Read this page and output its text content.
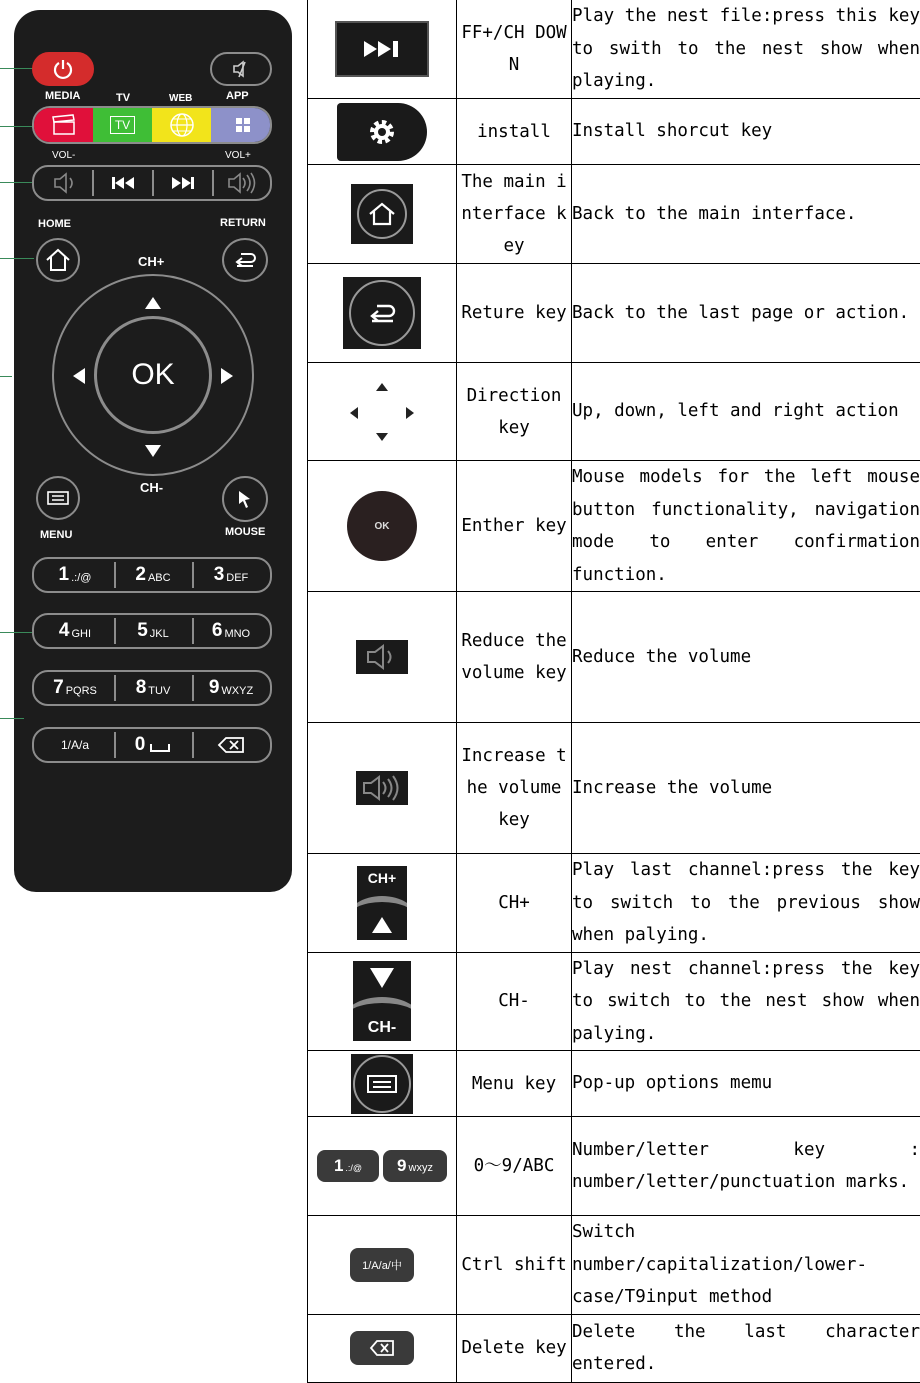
MEDIA	TV	WEB	APP
TV
VOL-	VOL+
HOME	RETURN
CH+
OK
CH-
MENU	MOUSE
1 .:/@ 2 ABC 3 DEF
4 GHI 5 JKL 6 MNO
7 PQRS 8 TUV 9 WXYZ
1/A/a	0
	FF+/CH DOWN	Play the nest file:press this key to swith to the nest show when playing.

	install	Install shorcut key

	The main interface key	Back to the main interface.

	Reture key	Back to the last page or action.

	Direction key	Up, down, left and right action

OK	Enther key	Mouse models for the left mouse button functionality, navigation mode to enter confirmation function.

	Reduce the volume key	Reduce the volume

	Increase the volume key	Increase the volume

CH+	CH+	Play last channel:press the key to switch to the previous show when palying.

CH-	CH-	Play nest channel:press the key to switch to the nest show when palying.

	Menu key	Pop-up options memu

1 .:/@ 9 wxyz	0～9/ABC	Number/letter key : number/letter/punctuation marks.

1/A/a/中	Ctrl shift	Switch number/capitalization/lower-case/T9input method

	Delete key	Delete the last character entered.
